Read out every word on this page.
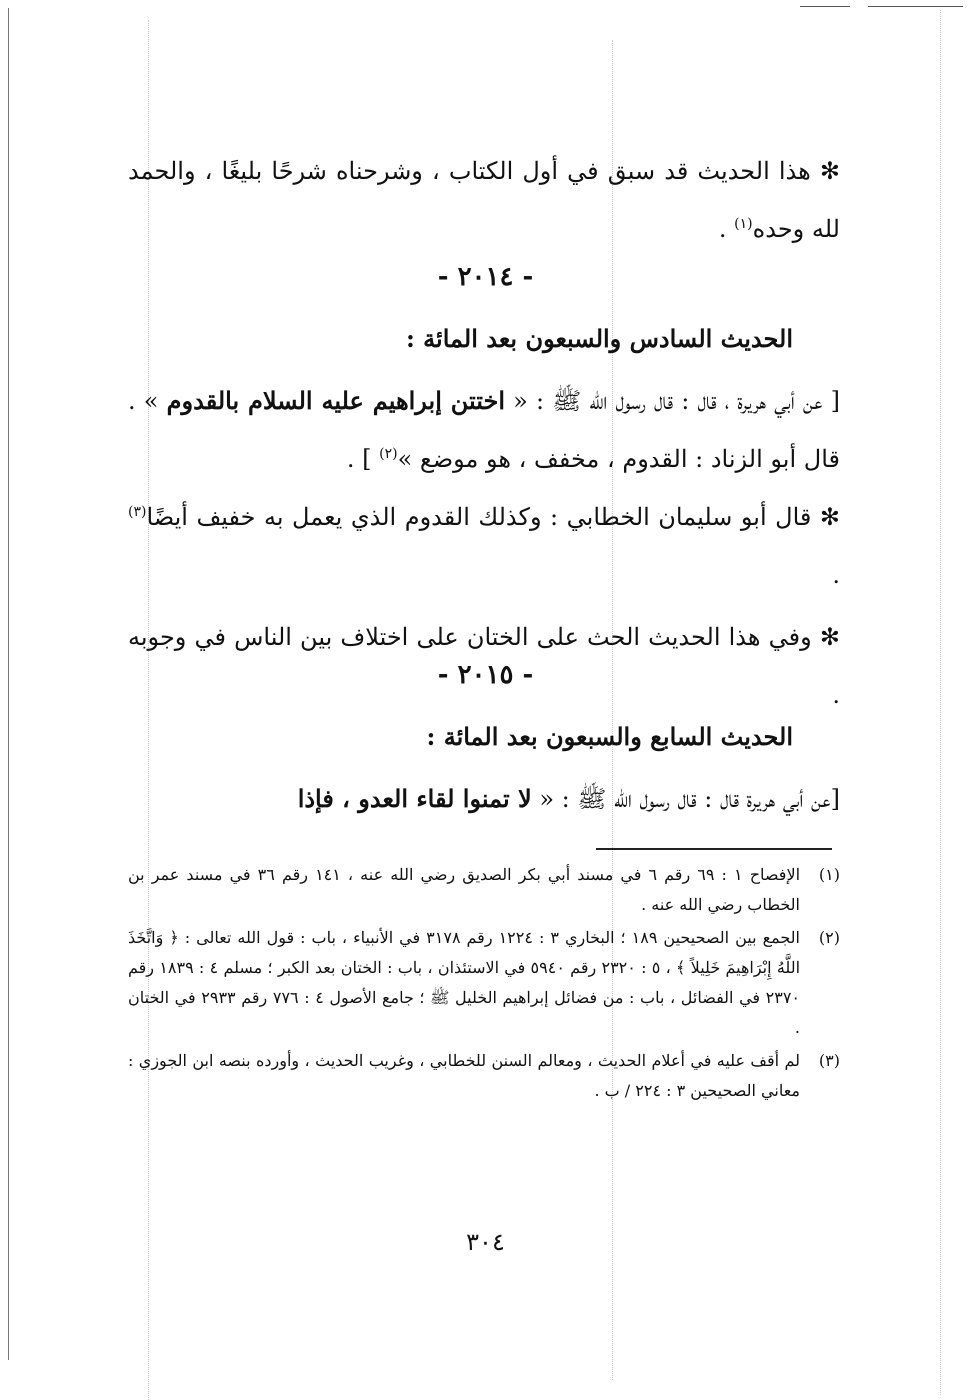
✻ هذا الحديث قد سبق في أول الكتاب ، وشرحناه شرحًا بليغًا ، والحمد لله وحده$^{(١)}$ .

- ٢٠١٤ -
الحديث السادس والسبعون بعد المائة :

[ عن أبي هريرة ، قال : قال رسول الله ﷺ : « اختتن إبراهيم عليه السلام بالقدوم » . قال أبو الزناد : القدوم ، مخفف ، هو موضع »$^{(٢)}$ ] .

✻ قال أبو سليمان الخطابي : وكذلك القدوم الذي يعمل به خفيف أيضًا$^{(٣)}$ .

✻ وفي هذا الحديث الحث على الختان على اختلاف بين الناس في وجوبه .

- ٢٠١٥ -
الحديث السابع والسبعون بعد المائة :

[عن أبي هريرة قال : قال رسول الله ﷺ : « لا تمنوا لقاء العدو ، فإذا

(١)
الإفصاح ١ : ٦٩ رقم ٦ في مسند أبي بكر الصديق رضي الله عنه ، ١٤١ رقم ٣٦ في مسند عمر بن الخطاب رضي الله عنه .
(٢)
الجمع بين الصحيحين ١٨٩ ؛ البخاري ٣ : ١٢٢٤ رقم ٣١٧٨ في الأنبياء ، باب : قول الله تعالى : ﴿ وَاتَّخَذَ اللَّهُ إِبْرَاهِيمَ خَلِيلاً ﴾ ، ٥ : ٢٣٢٠ رقم ٥٩٤٠ في الاستئذان ، باب : الختان بعد الكبر ؛ مسلم ٤ : ١٨٣٩ رقم ٢٣٧٠ في الفضائل ، باب : من فضائل إبراهيم الخليل ﷺ ؛ جامع الأصول ٤ : ٧٧٦ رقم ٢٩٣٣ في الختان .
(٣)
لم أقف عليه في أعلام الحديث ، ومعالم السنن للخطابي ، وغريب الحديث ، وأورده بنصه ابن الجوزي : معاني الصحيحين ٣ : ٢٢٤ / ب .
٣٠٤
